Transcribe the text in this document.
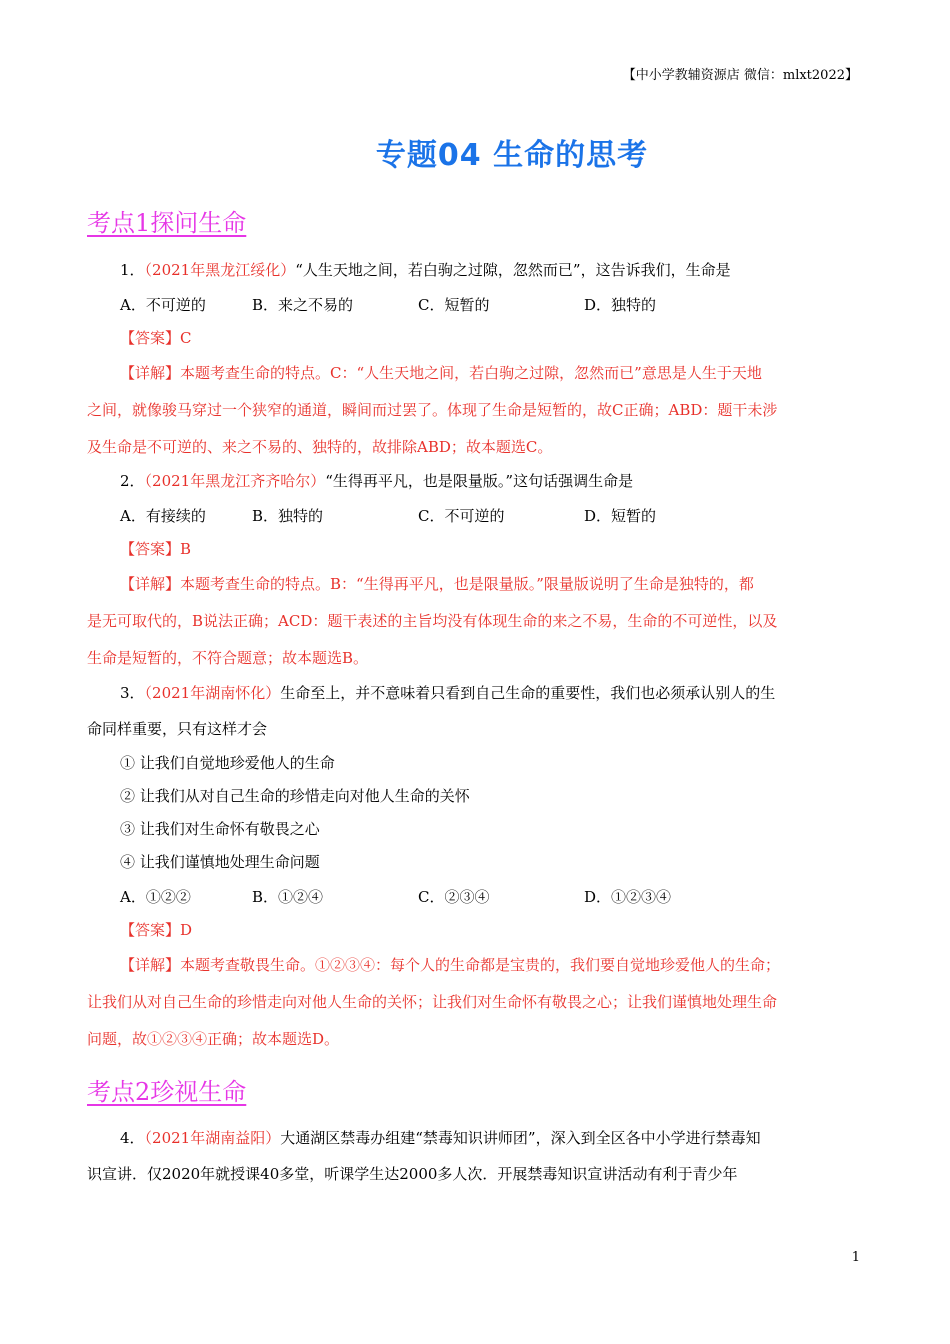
【中小学教辅资源店 微信：mlxt2022】
专题04 生命的思考
考点1探问生命
1．（2021年黑龙江绥化）“人生天地之间，若白驹之过隙，忽然而已”，这告诉我们，生命是
A．不可逆的	B．来之不易的	C．短暂的	D．独特的
【答案】C
【详解】本题考查生命的特点。C：“人生天地之间，若白驹之过隙，忽然而已”意思是人生于天地
之间，就像骏马穿过一个狭窄的通道，瞬间而过罢了。体现了生命是短暂的，故C正确；ABD：题干未涉
及生命是不可逆的、来之不易的、独特的，故排除ABD；故本题选C。
2．（2021年黑龙江齐齐哈尔）“生得再平凡，也是限量版。”这句话强调生命是
A．有接续的	B．独特的	C．不可逆的	D．短暂的
【答案】B
【详解】本题考查生命的特点。B：“生得再平凡，也是限量版。”限量版说明了生命是独特的，都
是无可取代的，B说法正确；ACD：题干表述的主旨均没有体现生命的来之不易，生命的不可逆性，以及
生命是短暂的，不符合题意；故本题选B。
3．（2021年湖南怀化）生命至上，并不意味着只看到自己生命的重要性，我们也必须承认别人的生
命同样重要，只有这样才会
① 让我们自觉地珍爱他人的生命
② 让我们从对自己生命的珍惜走向对他人生命的关怀
③ 让我们对生命怀有敬畏之心
④ 让我们谨慎地处理生命问题
A．①②②	B．①②④	C．②③④	D．①②③④
【答案】D
【详解】本题考查敬畏生命。①②③④：每个人的生命都是宝贵的，我们要自觉地珍爱他人的生命；
让我们从对自己生命的珍惜走向对他人生命的关怀；让我们对生命怀有敬畏之心；让我们谨慎地处理生命
问题，故①②③④正确；故本题选D。
考点2珍视生命
4．（2021年湖南益阳）大通湖区禁毒办组建“禁毒知识讲师团”，深入到全区各中小学进行禁毒知
识宣讲．仅2020年就授课40多堂，听课学生达2000多人次．开展禁毒知识宣讲活动有利于青少年
1
